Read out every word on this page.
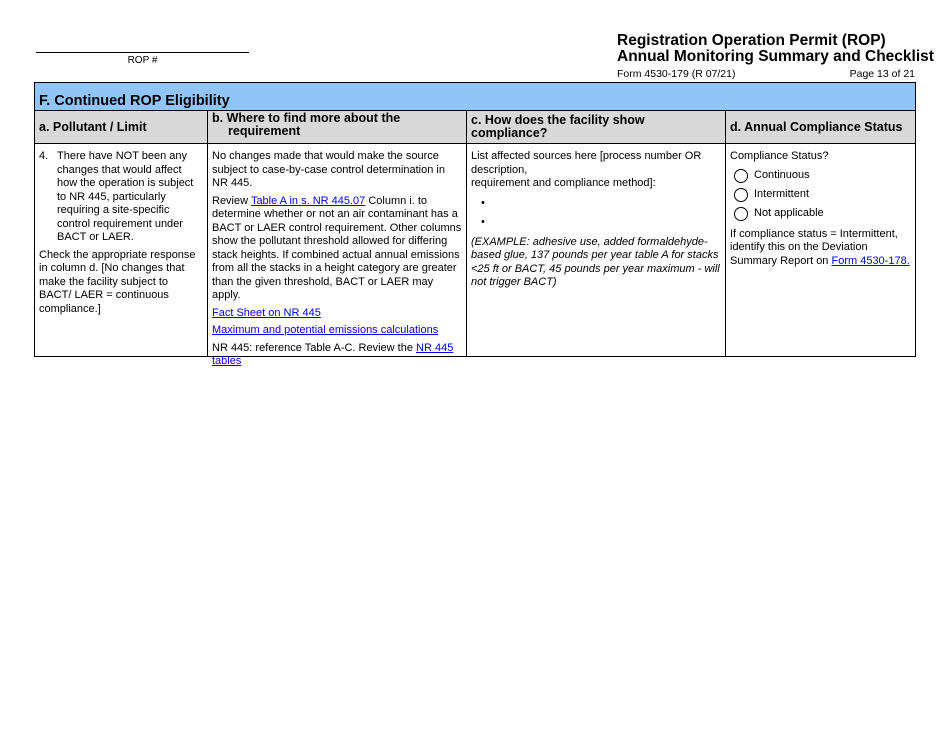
ROP #
Registration Operation Permit (ROP)
Annual Monitoring Summary and Checklist
Form 4530-179 (R 07/21)	Page 13 of 21
F. Continued ROP Eligibility
a. Pollutant / Limit
b. Where to find more about the
requirement
c. How does the facility show compliance?	d. Annual Compliance Status
4. There have NOT been any changes that would affect how the operation is subject to NR 445, particularly requiring a site-specific control requirement under BACT or LAER.

Check the appropriate response in column d. [No changes that make the facility subject to BACT/ LAER = continuous compliance.]

No changes made that would make the source subject to case-by-case control determination in NR 445.

Review Table A in s. NR 445.07 Column i. to determine whether or not an air contaminant has a BACT or LAER control requirement. Other columns show the pollutant threshold allowed for differing stack heights. If combined actual annual emissions from all the stacks in a height category are greater than the given threshold, BACT or LAER may apply.

Fact Sheet on NR 445

Maximum and potential emissions calculations

NR 445: reference Table A-C. Review the NR 445 tables

List affected sources here [process number OR description,

requirement and compliance method]:

•

•

(EXAMPLE: adhesive use, added formaldehyde-based glue, 137 pounds per year table A for stacks <25 ft or BACT, 45 pounds per year maximum - will not trigger BACT)

Compliance Status?

Continuous
Intermittent
Not applicable

If compliance status = Intermittent, identify this on the Deviation Summary Report on Form 4530-178.
